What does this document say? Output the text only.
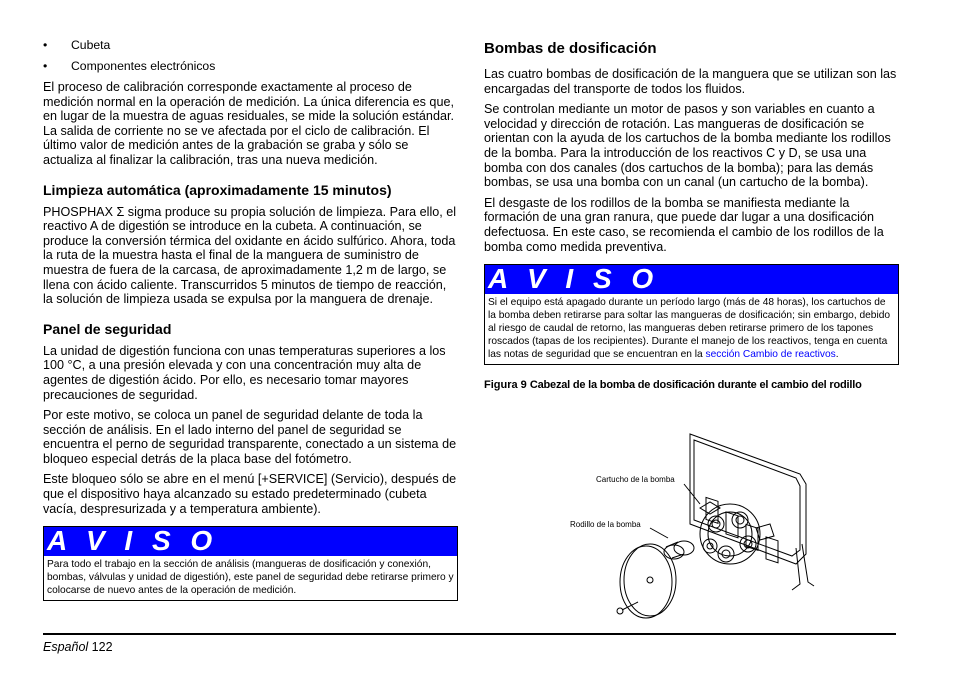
• Cubeta
• Componentes electrónicos

El proceso de calibración corresponde exactamente al proceso de medición normal en la operación de medición. La única diferencia es que, en lugar de la muestra de aguas residuales, se mide la solución estándar. La salida de corriente no se ve afectada por el ciclo de calibración. El último valor de medición antes de la grabación se graba y sólo se actualiza al finalizar la calibración, tras una nueva medición.

Limpieza automática (aproximadamente 15 minutos)

PHOSPHAX Σ sigma produce su propia solución de limpieza. Para ello, el reactivo A de digestión se introduce en la cubeta. A continuación, se produce la conversión térmica del oxidante en ácido sulfúrico. Ahora, toda la ruta de la muestra hasta el final de la manguera de suministro de muestra de fuera de la carcasa, de aproximadamente 1,2 m de largo, se llena con ácido caliente. Transcurridos 5 minutos de tiempo de reacción, la solución de limpieza usada se expulsa por la manguera de drenaje.

Panel de seguridad

La unidad de digestión funciona con unas temperaturas superiores a los 100 °C, a una presión elevada y con una concentración muy alta de agentes de digestión ácido. Por ello, es necesario tomar mayores precauciones de seguridad.

Por este motivo, se coloca un panel de seguridad delante de toda la sección de análisis. En el lado interno del panel de seguridad se encuentra el perno de seguridad transparente, conectado a un sistema de bloqueo especial detrás de la placa base del fotómetro.

Este bloqueo sólo se abre en el menú [+SERVICE] (Servicio), después de que el dispositivo haya alcanzado su estado predeterminado (cubeta vacía, despresurizada y a temperatura ambiente).

A V I S O
Para todo el trabajo en la sección de análisis (mangueras de dosificación y conexión, bombas, válvulas y unidad de digestión), este panel de seguridad debe retirarse primero y colocarse de nuevo antes de la operación de medición.
Bombas de dosificación

Las cuatro bombas de dosificación de la manguera que se utilizan son las encargadas del transporte de todos los fluidos.

Se controlan mediante un motor de pasos y son variables en cuanto a velocidad y dirección de rotación. Las mangueras de dosificación se orientan con la ayuda de los cartuchos de la bomba mediante los rodillos de la bomba. Para la introducción de los reactivos C y D, se usa una bomba con dos canales (dos cartuchos de la bomba); para las demás bombas, se usa una bomba con un canal (un cartucho de la bomba).

El desgaste de los rodillos de la bomba se manifiesta mediante la formación de una gran ranura, que puede dar lugar a una dosificación defectuosa. En este caso, se recomienda el cambio de los rodillos de la bomba como medida preventiva.

A V I S O
Si el equipo está apagado durante un período largo (más de 48 horas), los cartuchos de la bomba deben retirarse para soltar las mangueras de dosificación; sin embargo, debido al riesgo de caudal de retorno, las mangueras deben retirarse primero de los tapones roscados (tapas de los recipientes). Durante el manejo de los reactivos, tenga en cuenta las notas de seguridad que se encuentran en la sección Cambio de reactivos.
Figura 9 Cabezal de la bomba de dosificación durante el cambio del rodillo
Cartucho de la bomba
Rodillo de la bomba
Español 122
